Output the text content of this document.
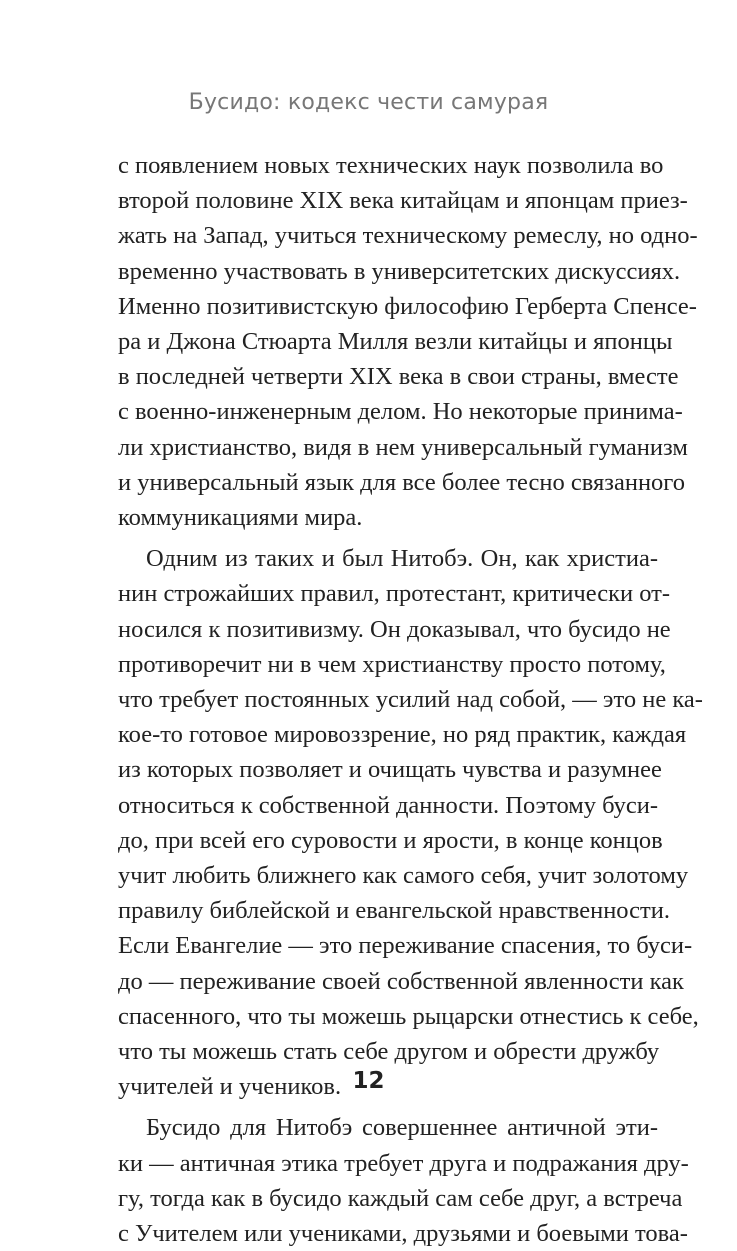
Бусидо: кодекс чести самурая
с появлением новых технических наук позволила во
второй половине XIX века китайцам и японцам приез-
жать на Запад, учиться техническому ремеслу, но одно-
временно участвовать в университетских дискуссиях.
Именно позитивистскую философию Герберта Спенсе-
ра и Джона Стюарта Милля везли китайцы и японцы
в последней четверти XIX века в свои страны, вместе
с военно-инженерным делом. Но некоторые принима-
ли христианство, видя в нем универсальный гуманизм
и универсальный язык для все более тесно связанного
коммуникациями мира.
Одним из таких и был Нитобэ. Он, как христиа-
нин строжайших правил, протестант, критически от-
носился к позитивизму. Он доказывал, что бусидо не
противоречит ни в чем христианству просто потому,
что требует постоянных усилий над собой, — это не ка-
кое-то готовое мировоззрение, но ряд практик, каждая
из которых позволяет и очищать чувства и разумнее
относиться к собственной данности. Поэтому буси-
до, при всей его суровости и ярости, в конце концов
учит любить ближнего как самого себя, учит золотому
правилу библейской и евангельской нравственности.
Если Евангелие — это переживание спасения, то буси-
до — переживание своей собственной явленности как
спасенного, что ты можешь рыцарски отнестись к себе,
что ты можешь стать себе другом и обрести дружбу
учителей и учеников.
Бусидо для Нитобэ совершеннее античной эти-
ки — античная этика требует друга и подражания дру-
гу, тогда как в бусидо каждый сам себе друг, а встреча
с Учителем или учениками, друзьями и боевыми това-
12
